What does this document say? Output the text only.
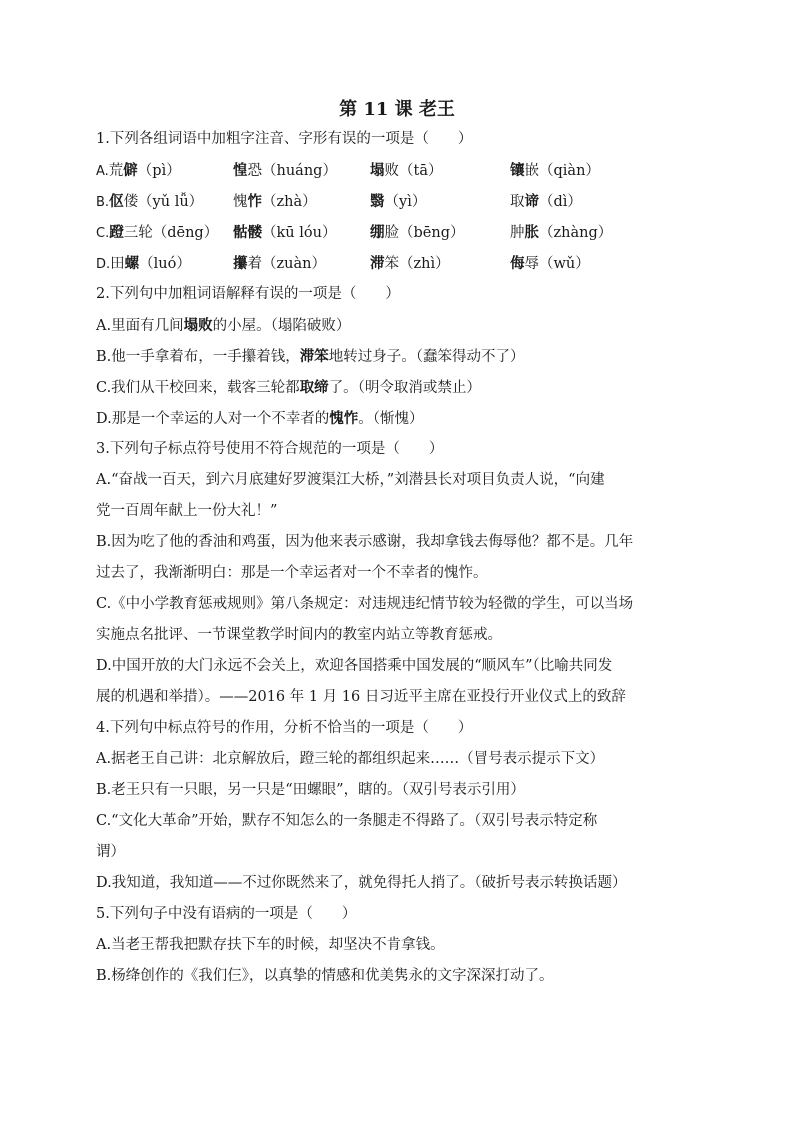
第 11 课 老王

1.下列各组词语中加粗字注音、字形有误的一项是（　　）

A.荒僻（pì）	惶恐（huáng）	塌败（tā）	镶嵌（qiàn）
B.伛偻（yǔ lǚ）	愧怍（zhà）	翳（yì）	取谛（dì）
C.蹬三轮（dēng）	骷髅（kū lóu）	绷脸（bēng）	肿胀（zhàng）
D.田螺（luó）	攥着（zuàn）	滞笨（zhì）	侮辱（wǔ）

2.下列句中加粗词语解释有误的一项是（　　）

A.里面有几间塌败的小屋。（塌陷破败）

B.他一手拿着布，一手攥着钱，滞笨地转过身子。（蠢笨得动不了）

C.我们从干校回来，载客三轮都取缔了。（明令取消或禁止）

D.那是一个幸运的人对一个不幸者的愧怍。（惭愧）

3.下列句子标点符号使用不符合规范的一项是（　　）

A.“奋战一百天，到六月底建好罗渡渠江大桥，”刘潜县长对项目负责人说，“向建

党一百周年献上一份大礼！”

B.因为吃了他的香油和鸡蛋，因为他来表示感谢，我却拿钱去侮辱他？都不是。几年

过去了，我渐渐明白：那是一个幸运者对一个不幸者的愧怍。

C.《中小学教育惩戒规则》第八条规定：对违规违纪情节较为轻微的学生，可以当场

实施点名批评、一节课堂教学时间内的教室内站立等教育惩戒。

D.中国开放的大门永远不会关上，欢迎各国搭乘中国发展的“顺风车”（比喻共同发

展的机遇和举措）。——2016 年 1 月 16 日习近平主席在亚投行开业仪式上的致辞

4.下列句中标点符号的作用，分析不恰当的一项是（　　）

A.据老王自己讲：北京解放后，蹬三轮的都组织起来……（冒号表示提示下文）

B.老王只有一只眼，另一只是“田螺眼”，瞎的。（双引号表示引用）

C.“文化大革命”开始，默存不知怎么的一条腿走不得路了。（双引号表示特定称

谓）

D.我知道，我知道——不过你既然来了，就免得托人捎了。（破折号表示转换话题）

5.下列句子中没有语病的一项是（　　）

A.当老王帮我把默存扶下车的时候，却坚决不肯拿钱。

B.杨绛创作的《我们仨》，以真挚的情感和优美隽永的文字深深打动了。
